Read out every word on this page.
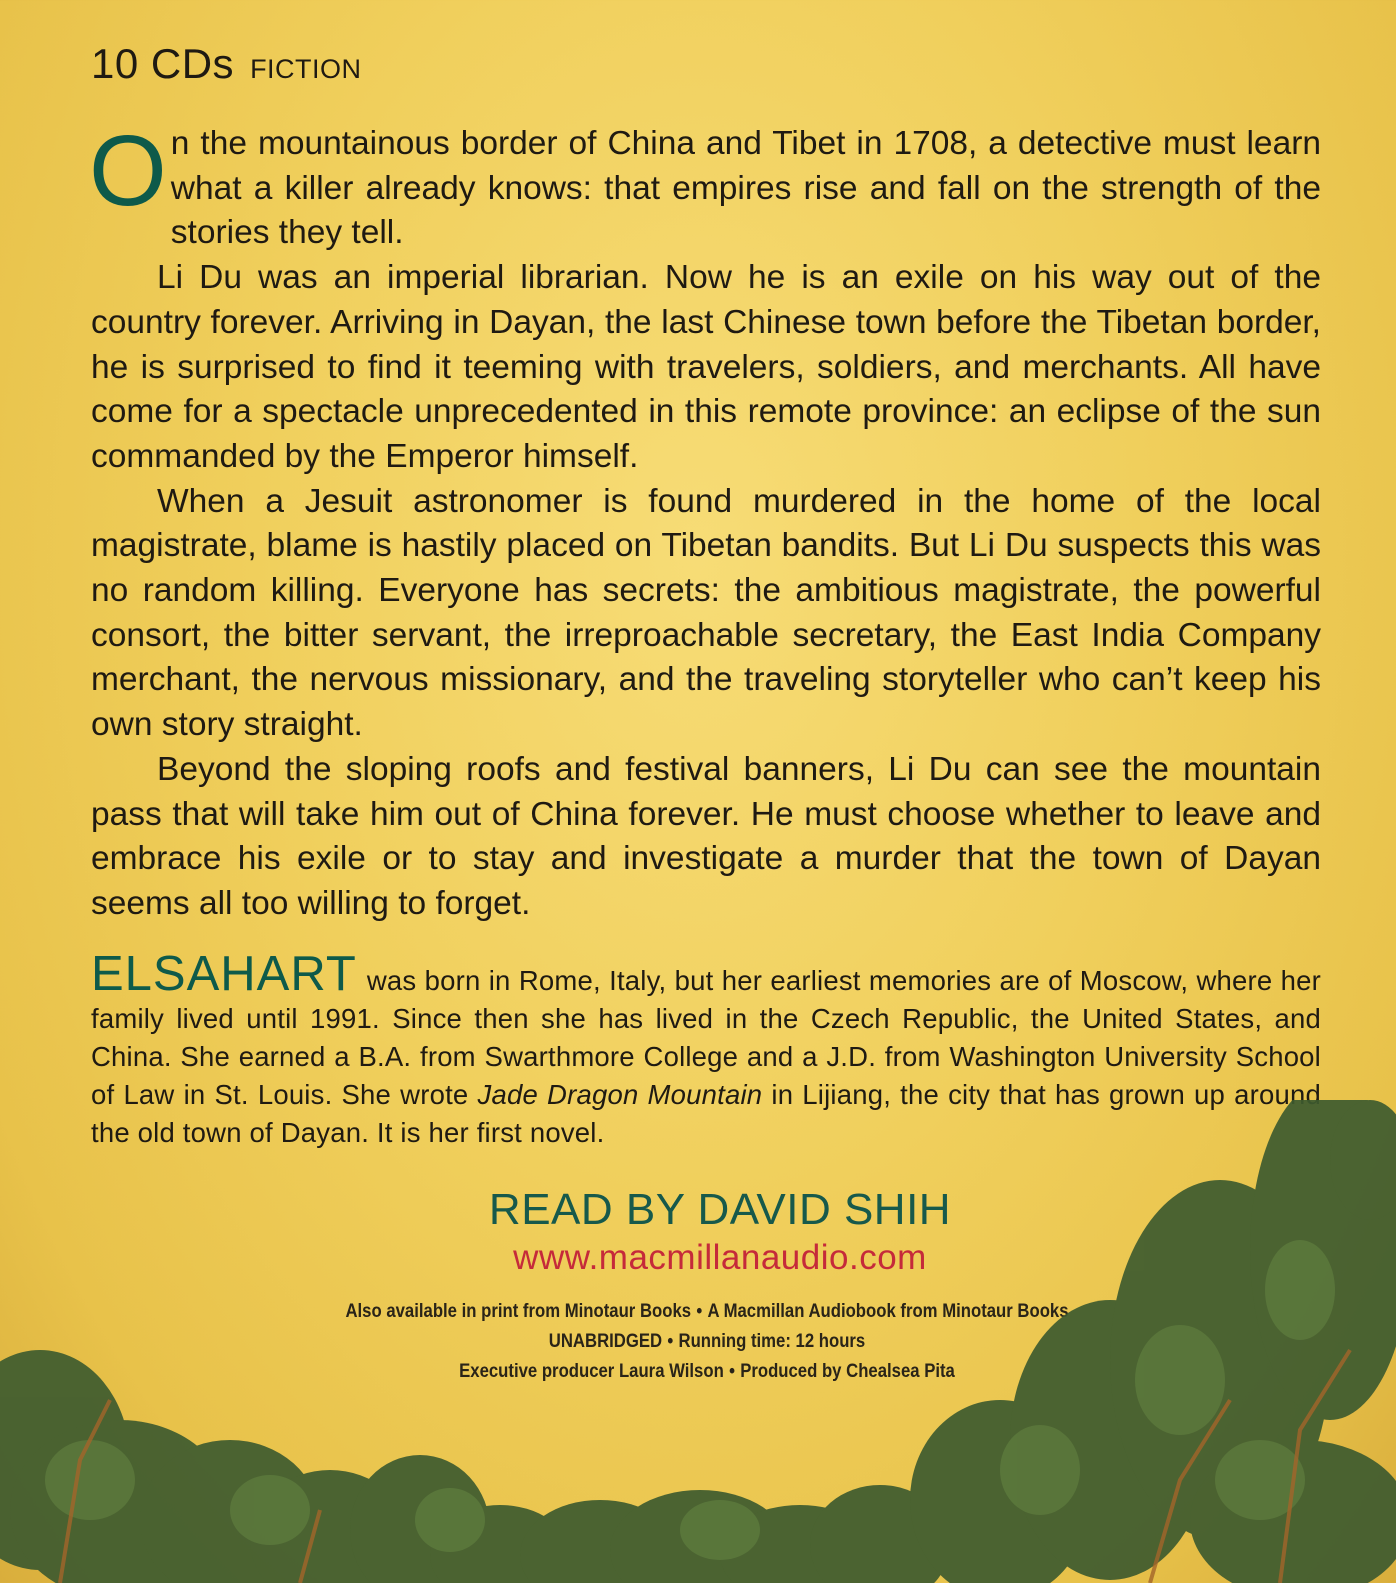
10 CDs FICTION

On the mountainous border of China and Tibet in 1708, a detective must learn what a killer already knows: that empires rise and fall on the strength of the stories they tell.

Li Du was an imperial librarian. Now he is an exile on his way out of the country forever. Arriving in Dayan, the last Chinese town before the Tibetan border, he is surprised to find it teeming with travelers, soldiers, and merchants. All have come for a spectacle unprecedented in this remote province: an eclipse of the sun commanded by the Emperor himself.

When a Jesuit astronomer is found murdered in the home of the local magistrate, blame is hastily placed on Tibetan bandits. But Li Du suspects this was no random killing. Everyone has secrets: the ambitious magistrate, the powerful consort, the bitter servant, the irreproachable secretary, the East India Company merchant, the nervous missionary, and the traveling storyteller who can’t keep his own story straight.

Beyond the sloping roofs and festival banners, Li Du can see the mountain pass that will take him out of China forever. He must choose whether to leave and embrace his exile or to stay and investigate a murder that the town of Dayan seems all too willing to forget.

ELSAHART was born in Rome, Italy, but her earliest memories are of Moscow, where her family lived until 1991. Since then she has lived in the Czech Republic, the United States, and China. She earned a B.A. from Swarthmore College and a J.D. from Washington University School of Law in St. Louis. She wrote Jade Dragon Mountain in Lijiang, the city that has grown up around the old town of Dayan. It is her first novel.
READ BY DAVID SHIH
www.macmillanaudio.com
Also available in print from Minotaur Books • A Macmillan Audiobook from Minotaur Books
UNABRIDGED • Running time: 12 hours
Executive producer Laura Wilson • Produced by Chealsea Pita
